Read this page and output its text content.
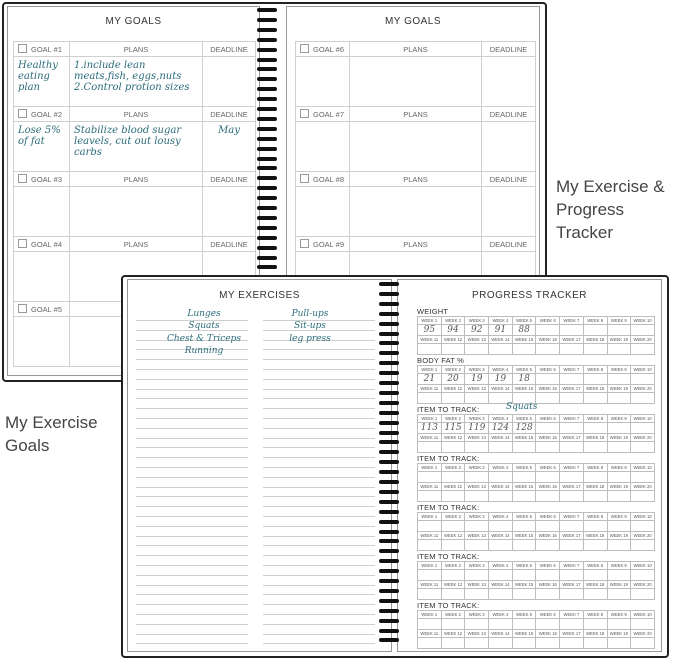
MY GOALS
GOAL #1	PLANS	DEADLINE
Healthy eating plan	1.include lean meats,fish, eggs,nuts 2.Control protion sizes	
GOAL #2	PLANS	DEADLINE
Lose 5% of fat	Stabilize blood sugar leavels, cut out lousy carbs	May
GOAL #3	PLANS	DEADLINE

GOAL #4	PLANS	DEADLINE

GOAL #5		

MY GOALS
GOAL #6	PLANS	DEADLINE

GOAL #7	PLANS	DEADLINE

GOAL #8	PLANS	DEADLINE

GOAL #9	PLANS	DEADLINE

My Exercise &
Progress
Tracker
My Exercise
Goals
MY EXERCISES
Lunges
Squats
Chest & Triceps
Running
Pull-ups
Sit-ups
leg press
PROGRESS TRACKER
WEIGHT
WEEK 1	WEEK 2	WEEK 3	WEEK 4	WEEK 5	WEEK 6	WEEK 7	WEEK 8	WEEK 9	WEEK 10
95	94	92	91	88					
WEEK 11	WEEK 12	WEEK 13	WEEK 14	WEEK 15	WEEK 16	WEEK 17	WEEK 18	WEEK 19	WEEK 20

BODY FAT %
WEEK 1	WEEK 2	WEEK 3	WEEK 4	WEEK 5	WEEK 6	WEEK 7	WEEK 8	WEEK 9	WEEK 10
21	20	19	19	18					
WEEK 11	WEEK 12	WEEK 13	WEEK 14	WEEK 15	WEEK 16	WEEK 17	WEEK 18	WEEK 19	WEEK 20

ITEM TO TRACK:	Squats
WEEK 1	WEEK 2	WEEK 3	WEEK 4	WEEK 5	WEEK 6	WEEK 7	WEEK 8	WEEK 9	WEEK 10
113	115	119	124	128					
WEEK 11	WEEK 12	WEEK 13	WEEK 14	WEEK 15	WEEK 16	WEEK 17	WEEK 18	WEEK 19	WEEK 20

ITEM TO TRACK:
WEEK 1	WEEK 2	WEEK 3	WEEK 4	WEEK 5	WEEK 6	WEEK 7	WEEK 8	WEEK 9	WEEK 10

WEEK 11	WEEK 12	WEEK 13	WEEK 14	WEEK 15	WEEK 16	WEEK 17	WEEK 18	WEEK 19	WEEK 20

ITEM TO TRACK:
WEEK 1	WEEK 2	WEEK 3	WEEK 4	WEEK 5	WEEK 6	WEEK 7	WEEK 8	WEEK 9	WEEK 10

WEEK 11	WEEK 12	WEEK 13	WEEK 14	WEEK 15	WEEK 16	WEEK 17	WEEK 18	WEEK 19	WEEK 20

ITEM TO TRACK:
WEEK 1	WEEK 2	WEEK 3	WEEK 4	WEEK 5	WEEK 6	WEEK 7	WEEK 8	WEEK 9	WEEK 10

WEEK 11	WEEK 12	WEEK 13	WEEK 14	WEEK 15	WEEK 16	WEEK 17	WEEK 18	WEEK 19	WEEK 20

ITEM TO TRACK:
WEEK 1	WEEK 2	WEEK 3	WEEK 4	WEEK 5	WEEK 6	WEEK 7	WEEK 8	WEEK 9	WEEK 10

WEEK 11	WEEK 12	WEEK 13	WEEK 14	WEEK 15	WEEK 16	WEEK 17	WEEK 18	WEEK 19	WEEK 20
